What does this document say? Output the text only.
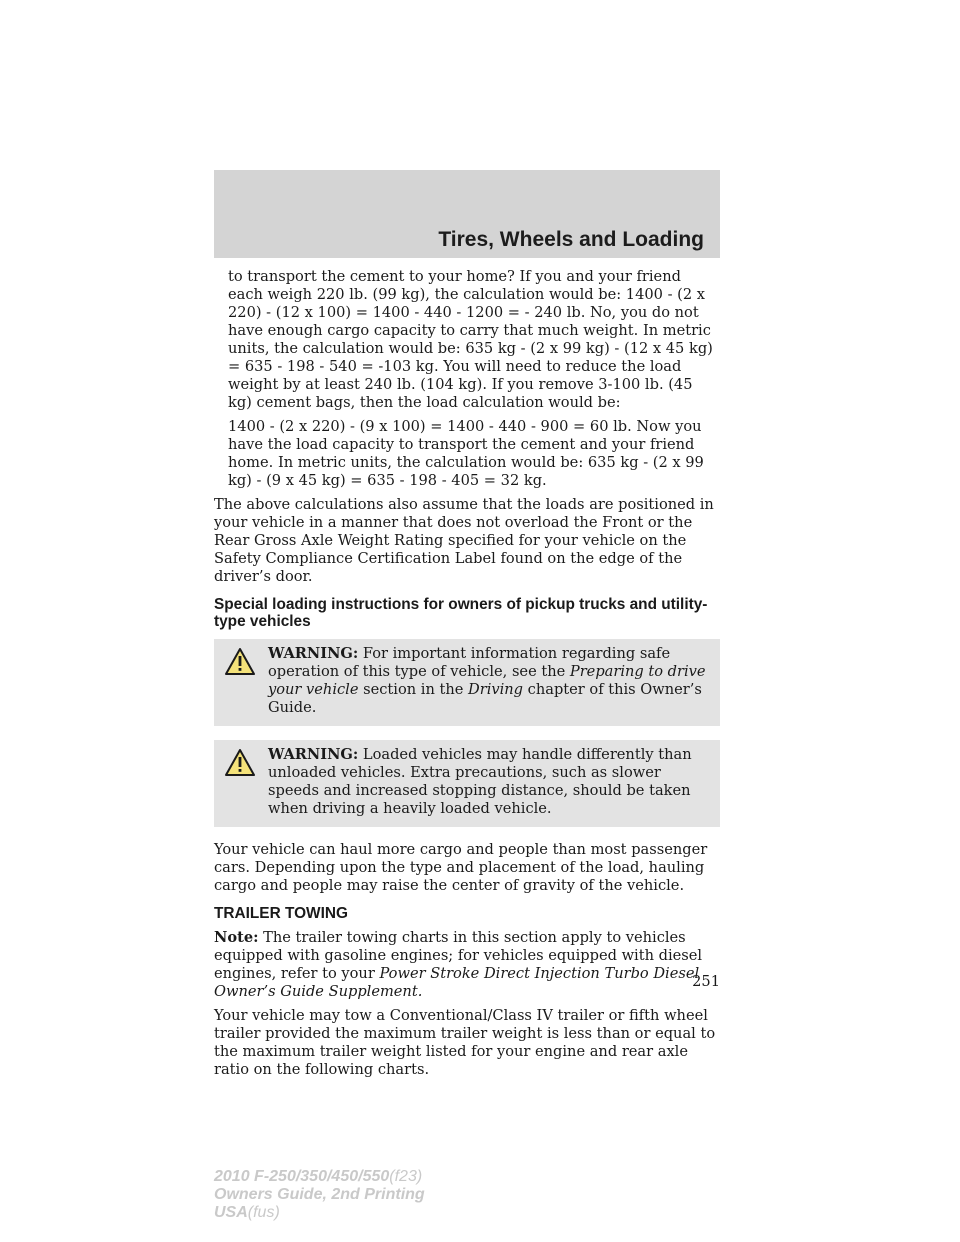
Tires, Wheels and Loading

to transport the cement to your home? If you and your friend each weigh 220 lb. (99 kg), the calculation would be: 1400 - (2 x 220) - (12 x 100) = 1400 - 440 - 1200 = - 240 lb. No, you do not have enough cargo capacity to carry that much weight. In metric units, the calculation would be: 635 kg - (2 x 99 kg) - (12 x 45 kg) = 635 - 198 - 540 = -103 kg. You will need to reduce the load weight by at least 240 lb. (104 kg). If you remove 3-100 lb. (45 kg) cement bags, then the load calculation would be:

1400 - (2 x 220) - (9 x 100) = 1400 - 440 - 900 = 60 lb. Now you have the load capacity to transport the cement and your friend home. In metric units, the calculation would be: 635 kg - (2 x 99 kg) - (9 x 45 kg) = 635 - 198 - 405 = 32 kg.

The above calculations also assume that the loads are positioned in your vehicle in a manner that does not overload the Front or the Rear Gross Axle Weight Rating specified for your vehicle on the Safety Compliance Certification Label found on the edge of the driver’s door.

Special loading instructions for owners of pickup trucks and utility-type vehicles

WARNING: For important information regarding safe operation of this type of vehicle, see the Preparing to drive your vehicle section in the Driving chapter of this Owner’s Guide.

WARNING: Loaded vehicles may handle differently than unloaded vehicles. Extra precautions, such as slower speeds and increased stopping distance, should be taken when driving a heavily loaded vehicle.

Your vehicle can haul more cargo and people than most passenger cars. Depending upon the type and placement of the load, hauling cargo and people may raise the center of gravity of the vehicle.

TRAILER TOWING

Note: The trailer towing charts in this section apply to vehicles equipped with gasoline engines; for vehicles equipped with diesel engines, refer to your Power Stroke Direct Injection Turbo Diesel Owner’s Guide Supplement.

Your vehicle may tow a Conventional/Class IV trailer or fifth wheel trailer provided the maximum trailer weight is less than or equal to the maximum trailer weight listed for your engine and rear axle ratio on the following charts.

251
2010 F-250/350/450/550(f23)
Owners Guide, 2nd Printing
USA(fus)
